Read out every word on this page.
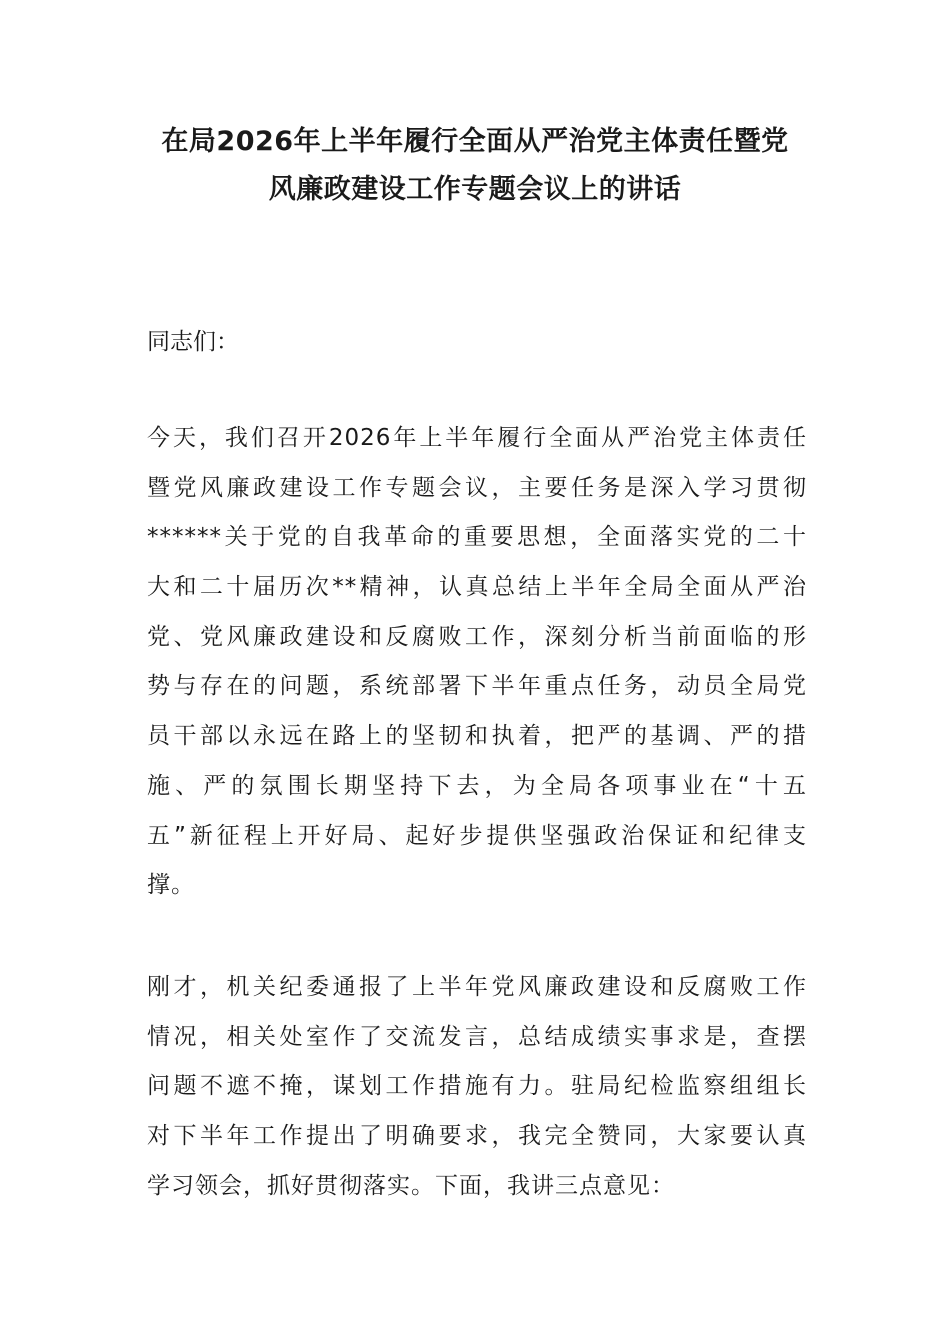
在局2026年上半年履行全面从严治党主体责任暨党
风廉政建设工作专题会议上的讲话

同志们：

今天，我们召开2026年上半年履行全面从严治党主体责任
暨党风廉政建设工作专题会议，主要任务是深入学习贯彻
******关于党的自我革命的重要思想，全面落实党的二十
大和二十届历次**精神，认真总结上半年全局全面从严治
党、党风廉政建设和反腐败工作，深刻分析当前面临的形
势与存在的问题，系统部署下半年重点任务，动员全局党
员干部以永远在路上的坚韧和执着，把严的基调、严的措
施、严的氛围长期坚持下去，为全局各项事业在“十五
五”新征程上开好局、起好步提供坚强政治保证和纪律支
撑。

刚才，机关纪委通报了上半年党风廉政建设和反腐败工作
情况，相关处室作了交流发言，总结成绩实事求是，查摆
问题不遮不掩，谋划工作措施有力。驻局纪检监察组组长
对下半年工作提出了明确要求，我完全赞同，大家要认真
学习领会，抓好贯彻落实。下面，我讲三点意见：
